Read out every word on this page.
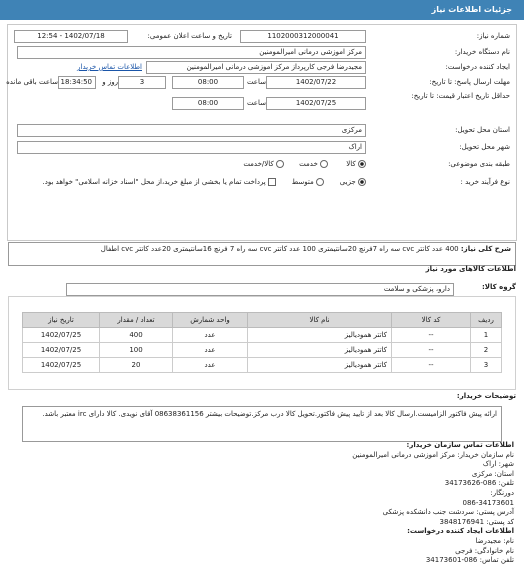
جزئیات اطلاعات نیاز
شماره نیاز:
1102000312000041
تاریخ و ساعت اعلان عمومی:
1402/07/18 - 12:54
نام دستگاه خریدار:
مرکز اموزشی درمانی امیرالمومنین
ایجاد کننده درخواست:
مجیدرضا فرجی کارپرداز مرکز اموزشی درمانی امیرالمومنین
اطلاعات تماس خریدار
مهلت ارسال پاسخ: تا تاریخ:
1402/07/22
ساعت
08:00
3
روز و
18:34:50
ساعت باقی مانده
حداقل تاریخ اعتبار قیمت: تا تاریخ:
1402/07/25
ساعت
08:00
استان محل تحویل:
مرکزی
شهر محل تحویل:
اراک
طبقه بندی موضوعی:
کالا
خدمت
کالا/خدمت
نوع فرآیند خرید :
جزیی
متوسط
پرداخت تمام یا بخشی از مبلغ خرید،از محل "اسناد خزانه اسلامی" خواهد بود.
شرح کلی نیاز: 400 عدد کاتتر cvc سه راه 7فرنچ 20سانتیمتری 100 عدد کاتتر cvc سه راه 7 فرنچ 16سانتیمتری 20عدد کاتتر cvc اطفال
اطلاعات کالاهای مورد نیاز
گروه کالا:
دارو، پزشکی و سلامت
ردیف	کد کالا	نام کالا	واحد شمارش	تعداد / مقدار	تاریخ نیاز
1	--	کاتتر همودیالیز	عدد	400	1402/07/25
2	--	کاتتر همودیالیز	عدد	100	1402/07/25
3	--	کاتتر همودیالیز	عدد	20	1402/07/25
توضیحات خریدار:
ارائه پیش فاکتور الزامیست.ارسال کالا بعد از تایید پیش فاکتور.تحویل کالا درب مرکز.توضیحات بیشتر 08638361156 آقای نویدی. کالا دارای irc معتبر باشد.
اطلاعات تماس سازمان خریدار:
نام سازمان خریدار: مرکز اموزشی درمانی امیرالمومنین
شهر: اراک
استان: مرکزی
تلفن: 086-34173626
دورنگار:
086-34173601
آدرس پستی: سردشت جنب دانشکده پزشکی
کد پستی: 3848176941
اطلاعات ایجاد کننده درخواست:
نام: مجیدرضا
نام خانوادگی: فرجی
تلفن تماس: 086-34173601
